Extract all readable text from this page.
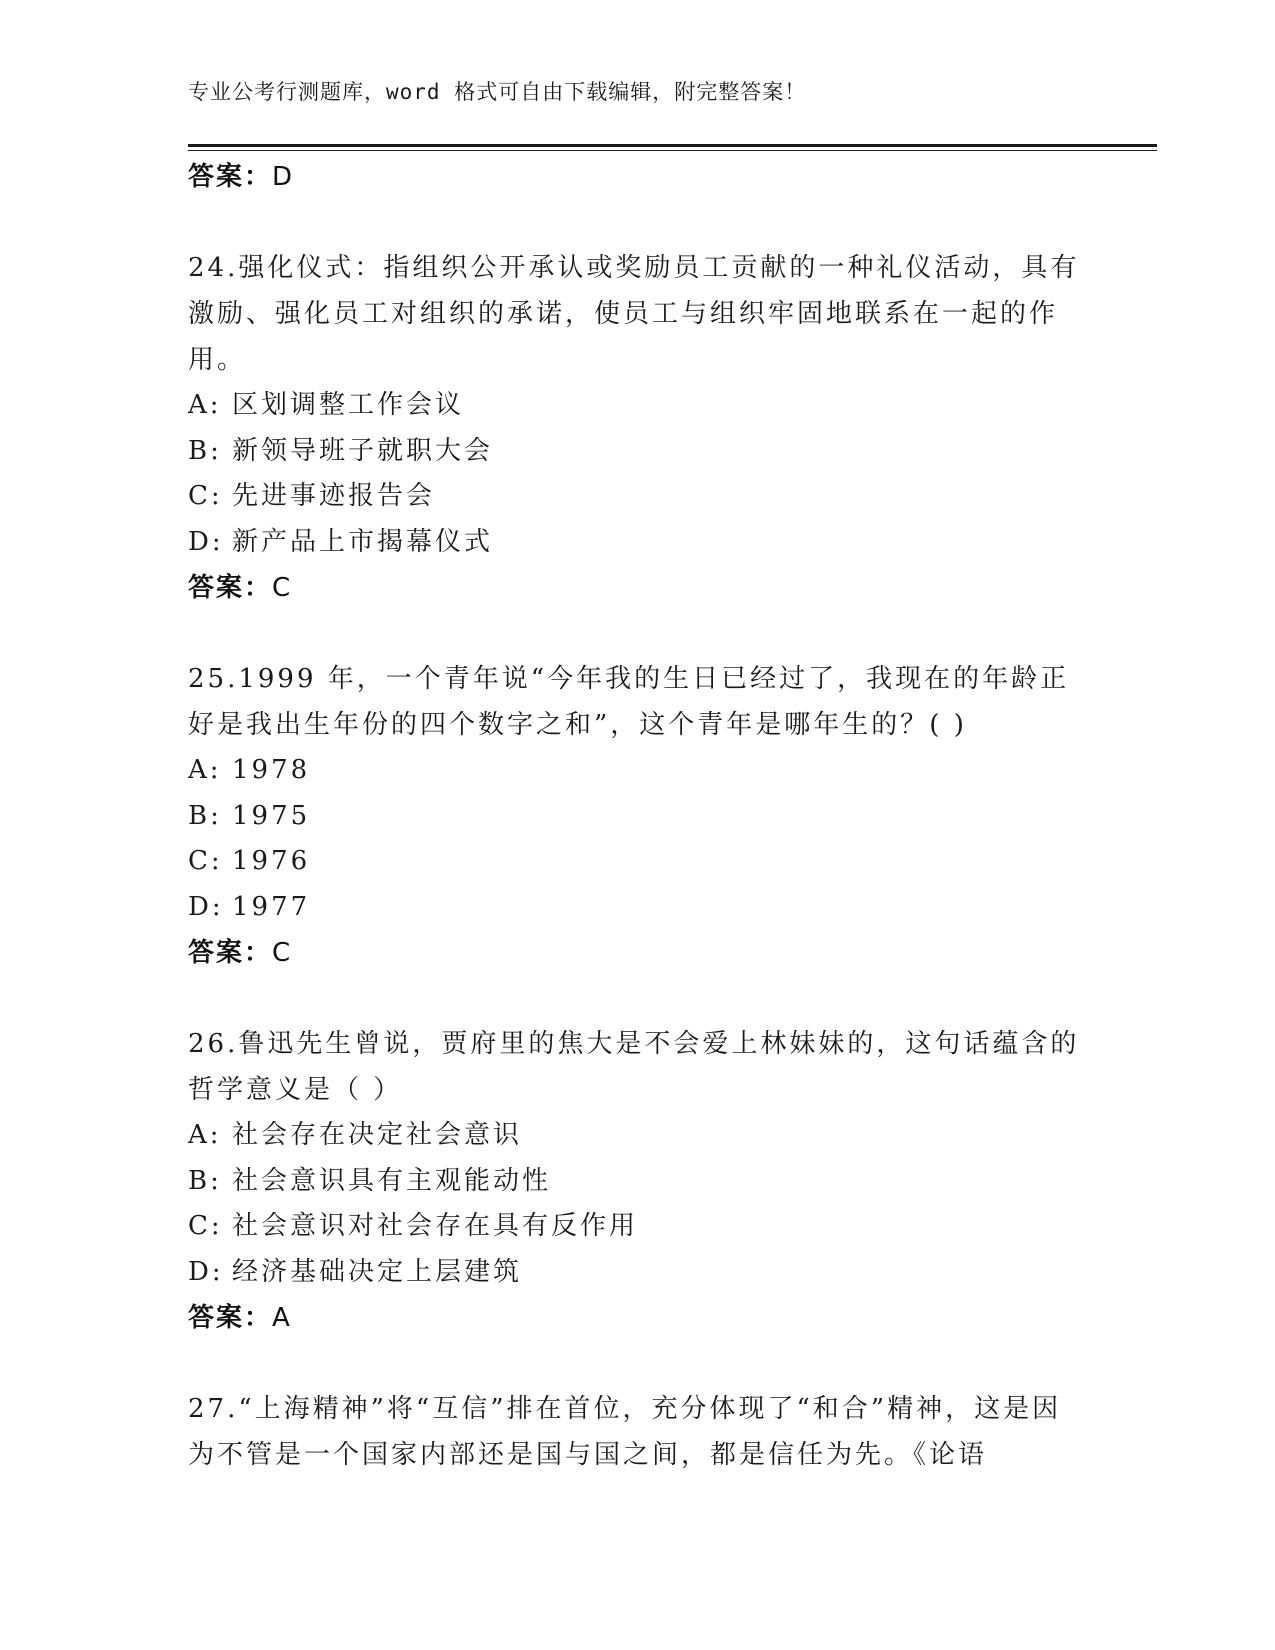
专业公考行测题库，word 格式可自由下载编辑，附完整答案！

答案：D

24.强化仪式：指组织公开承认或奖励员工贡献的一种礼仪活动，具有激励、强化员工对组织的承诺，使员工与组织牢固地联系在一起的作用。

A: 区划调整工作会议

B: 新领导班子就职大会

C: 先进事迹报告会

D: 新产品上市揭幕仪式

答案：C

25.1999 年，一个青年说“今年我的生日已经过了，我现在的年龄正好是我出生年份的四个数字之和”，这个青年是哪年生的？( )

A: 1978

B: 1975

C: 1976

D: 1977

答案：C

26.鲁迅先生曾说，贾府里的焦大是不会爱上林妹妹的，这句话蕴含的哲学意义是（ ）

A: 社会存在决定社会意识

B: 社会意识具有主观能动性

C: 社会意识对社会存在具有反作用

D: 经济基础决定上层建筑

答案：A

27.“上海精神”将“互信”排在首位，充分体现了“和合”精神，这是因为不管是一个国家内部还是国与国之间，都是信任为先。《论语
